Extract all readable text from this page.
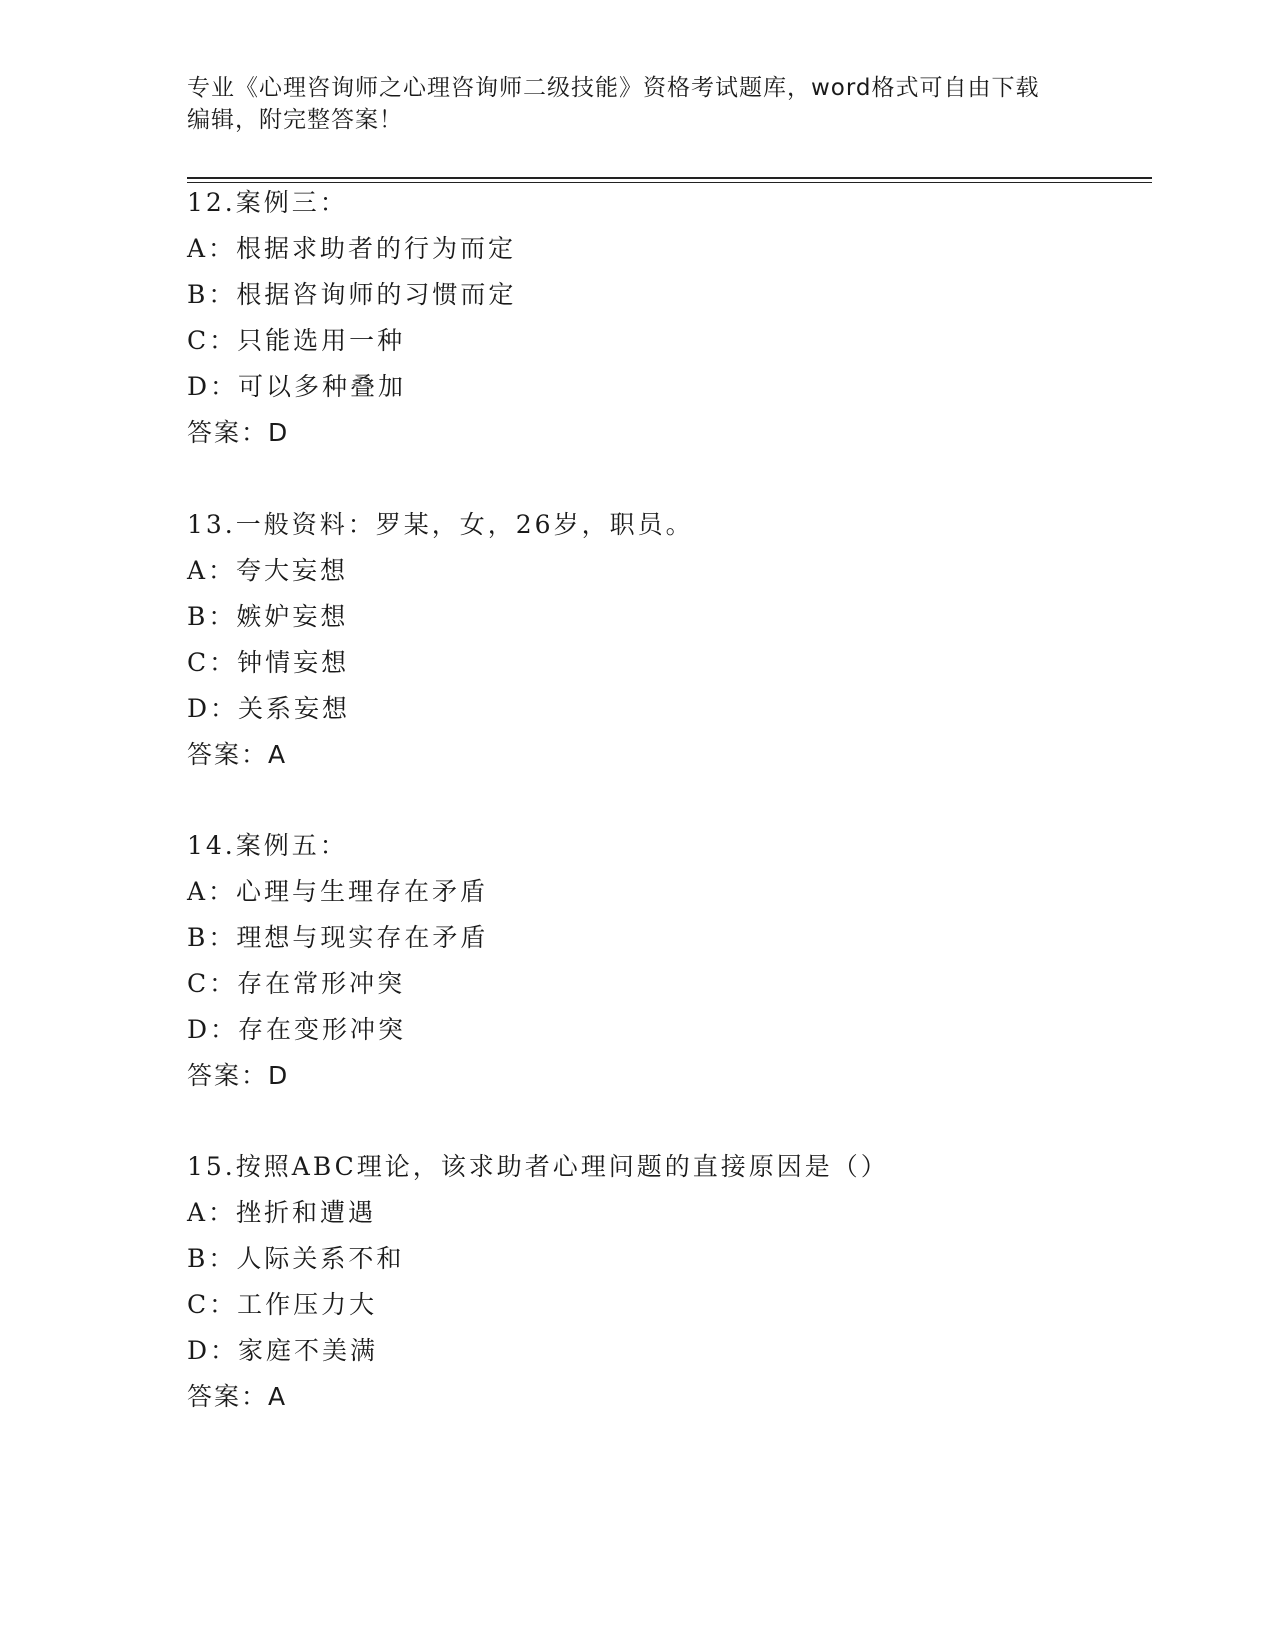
专业《心理咨询师之心理咨询师二级技能》资格考试题库，word格式可自由下载
编辑，附完整答案！
12.案例三：
A：根据求助者的行为而定
B：根据咨询师的习惯而定
C：只能选用一种
D：可以多种叠加
答案：D
13.一般资料：罗某，女，26岁，职员。
A：夸大妄想
B：嫉妒妄想
C：钟情妄想
D：关系妄想
答案：A
14.案例五：
A：心理与生理存在矛盾
B：理想与现实存在矛盾
C：存在常形冲突
D：存在变形冲突
答案：D
15.按照ABC理论，该求助者心理问题的直接原因是（）
A：挫折和遭遇
B：人际关系不和
C：工作压力大
D：家庭不美满
答案：A
